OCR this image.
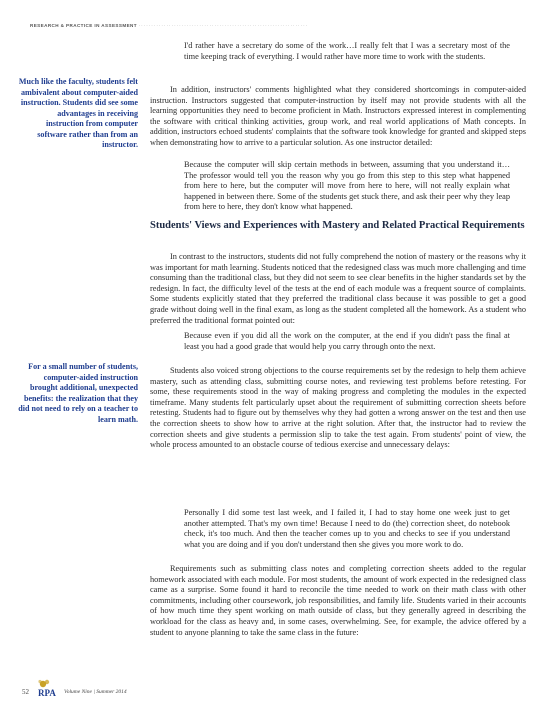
RESEARCH & PRACTICE IN ASSESSMENT ···································································

I'd rather have a secretary do some of the work…I really felt that I was a secretary most of the time keeping track of everything. I would rather have more time to work with the students.

In addition, instructors' comments highlighted what they considered shortcomings in computer-aided instruction. Instructors suggested that computer-instruction by itself may not provide students with all the learning opportunities they need to become proficient in Math. Instructors expressed interest in complementing the software with critical thinking activities, group work, and real world applications of Math concepts. In addition, instructors echoed students' complaints that the software took knowledge for granted and skipped steps when demonstrating how to arrive to a particular solution. As one instructor detailed:

Because the computer will skip certain methods in between, assuming that you understand it… The professor would tell you the reason why you go from this step to this step what happened from here to here, but the computer will move from here to here, will not really explain what happened in between there. Some of the students get stuck there, and ask their peer why they leap from here to here, they don't know what happened.

Students' Views and Experiences with Mastery and Related Practical Requirements

In contrast to the instructors, students did not fully comprehend the notion of mastery or the reasons why it was important for math learning. Students noticed that the redesigned class was much more challenging and time consuming than the traditional class, but they did not seem to see clear benefits in the higher standards set by the redesign. In fact, the difficulty level of the tests at the end of each module was a frequent source of complaints. Some students explicitly stated that they preferred the traditional class because it was possible to get a good grade without doing well in the final exam, as long as the student completed all the homework. As a student who preferred the traditional format pointed out:

Because even if you did all the work on the computer, at the end if you didn't pass the final at least you had a good grade that would help you carry through onto the next.

Students also voiced strong objections to the course requirements set by the redesign to help them achieve mastery, such as attending class, submitting course notes, and reviewing test problems before retesting. For some, these requirements stood in the way of making progress and completing the modules in the expected timeframe. Many students felt particularly upset about the requirement of submitting correction sheets before retesting. Students had to figure out by themselves why they had gotten a wrong answer on the test and then use the correction sheets to show how to arrive at the right solution. After that, the instructor had to review the correction sheets and give students a permission slip to take the test again. From students' point of view, the whole process amounted to an obstacle course of tedious exercise and unnecessary delays:

Personally I did some test last week, and I failed it, I had to stay home one week just to get another attempted. That's my own time! Because I need to do (the) correction sheet, do notebook check, it's too much. And then the teacher comes up to you and checks to see if you understand what you are doing and if you don't understand then she gives you more work to do.

Requirements such as submitting class notes and completing correction sheets added to the regular homework associated with each module. For most students, the amount of work expected in the redesigned class came as a surprise. Some found it hard to reconcile the time needed to work on their math class with other commitments, including other coursework, job responsibilities, and family life. Students varied in their accounts of how much time they spent working on math outside of class, but they generally agreed in describing the workload for the class as heavy and, in some cases, overwhelming. See, for example, the advice offered by a student to anyone planning to take the same class in the future:

Much like the faculty, students felt ambivalent about computer-aided instruction. Students did see some advantages in receiving instruction from computer software rather than from an instructor.
For a small number of students, computer-aided instruction brought additional, unexpected benefits: the realization that they did not need to rely on a teacher to learn math.
52 RPA Volume Nine | Summer 2014
